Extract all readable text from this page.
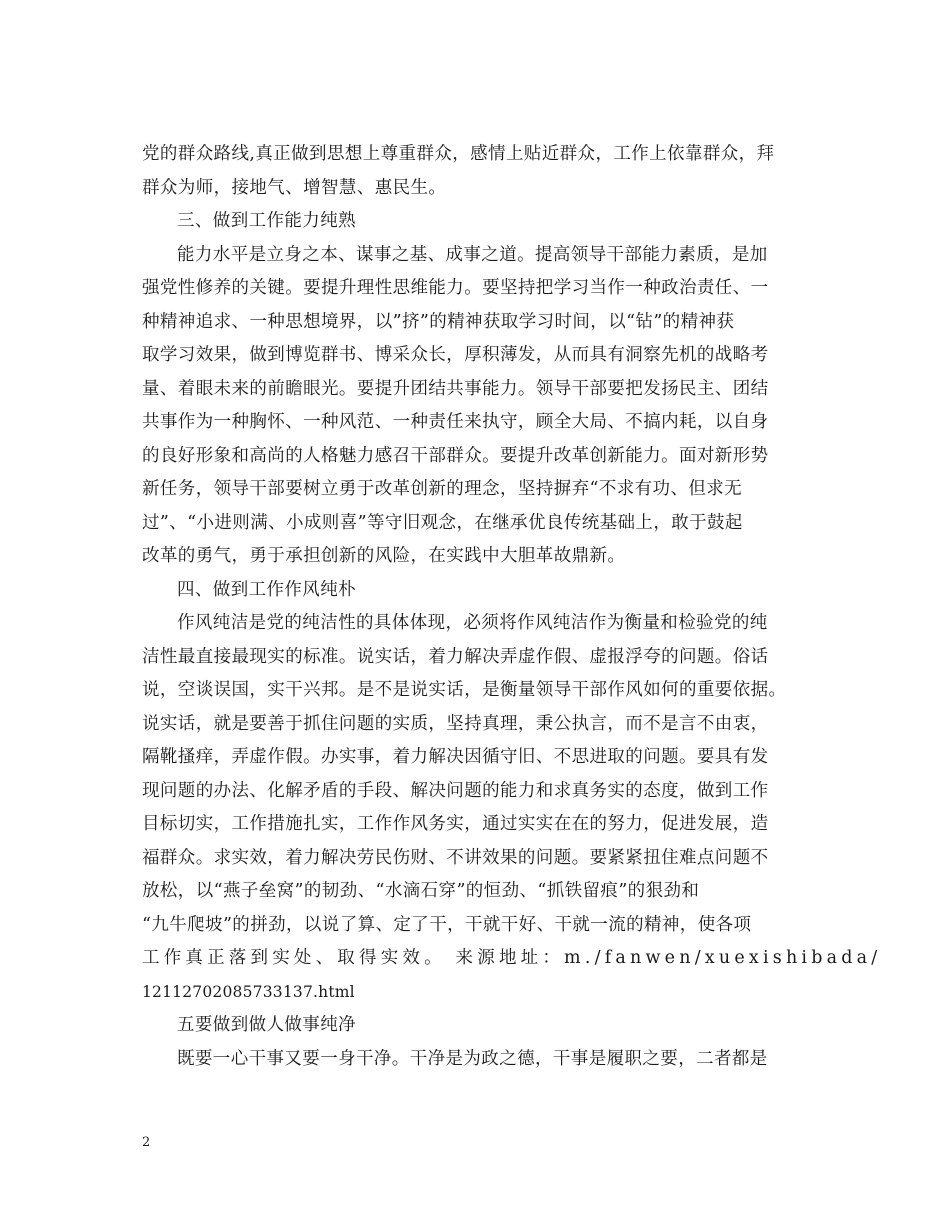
党的群众路线,真正做到思想上尊重群众，感情上贴近群众，工作上依靠群众，拜
群众为师，接地气、增智慧、惠民生。
三、做到工作能力纯熟
能力水平是立身之本、谋事之基、成事之道。提高领导干部能力素质，是加
强党性修养的关键。要提升理性思维能力。要坚持把学习当作一种政治责任、一
种精神追求、一种思想境界，以”挤”的精神获取学习时间，以“钻”的精神获
取学习效果，做到博览群书、博采众长，厚积薄发，从而具有洞察先机的战略考
量、着眼未来的前瞻眼光。要提升团结共事能力。领导干部要把发扬民主、团结
共事作为一种胸怀、一种风范、一种责任来执守，顾全大局、不搞内耗，以自身
的良好形象和高尚的人格魅力感召干部群众。要提升改革创新能力。面对新形势
新任务，领导干部要树立勇于改革创新的理念，坚持摒弃“不求有功、但求无
过”、“小进则满、小成则喜”等守旧观念，在继承优良传统基础上，敢于鼓起
改革的勇气，勇于承担创新的风险，在实践中大胆革故鼎新。
四、做到工作作风纯朴
作风纯洁是党的纯洁性的具体体现，必须将作风纯洁作为衡量和检验党的纯
洁性最直接最现实的标准。说实话，着力解决弄虚作假、虚报浮夸的问题。俗话
说，空谈误国，实干兴邦。是不是说实话，是衡量领导干部作风如何的重要依据。
说实话，就是要善于抓住问题的实质，坚持真理，秉公执言，而不是言不由衷，
隔靴搔痒，弄虚作假。办实事，着力解决因循守旧、不思进取的问题。要具有发
现问题的办法、化解矛盾的手段、解决问题的能力和求真务实的态度，做到工作
目标切实，工作措施扎实，工作作风务实，通过实实在在的努力，促进发展，造
福群众。求实效，着力解决劳民伤财、不讲效果的问题。要紧紧扭住难点问题不
放松，以“燕子垒窝”的韧劲、“水滴石穿”的恒劲、“抓铁留痕”的狠劲和
“九牛爬坡”的拼劲，以说了算、定了干，干就干好、干就一流的精神，使各项
工作真正落到实处、取得实效。 来源地址：m./fanwen/xuexishibada/
12112702085733137.html
五要做到做人做事纯净
既要一心干事又要一身干净。干净是为政之德，干事是履职之要，二者都是
2
